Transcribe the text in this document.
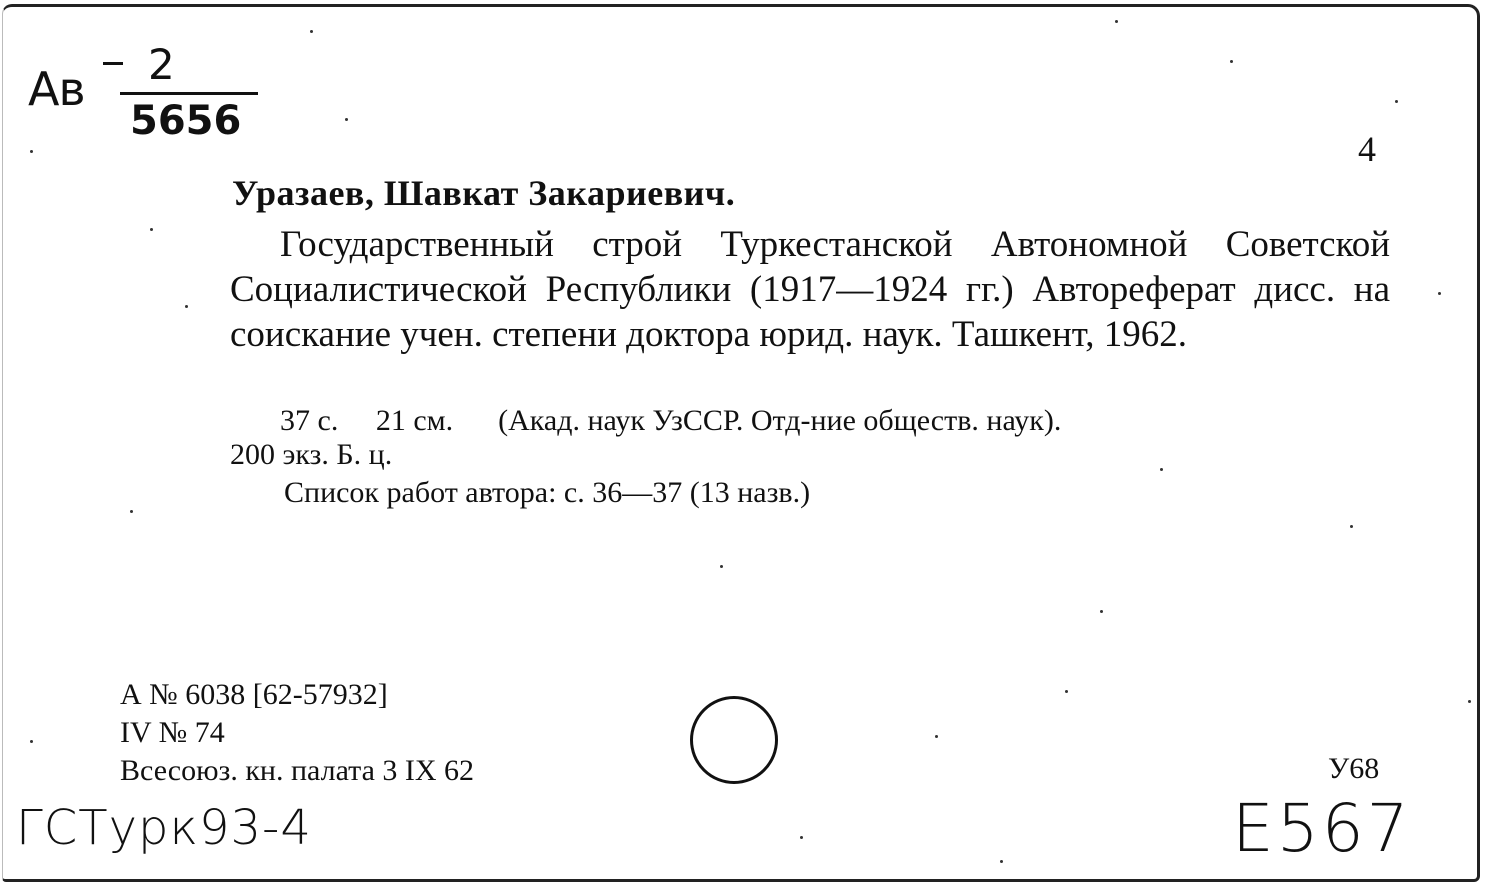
Ав 2
5656
4
Уразаев, Шавкат Закариевич.
Государственный строй Туркестанской Автономной Советской Социалистической Республики (1917—1924 гг.) Автореферат дисс. на соискание учен. степени доктора юрид. наук. Ташкент, 1962.
37 с. 21 см. (Акад. наук УзССР. Отд-ние обществ. наук).
200 экз. Б. ц.
Список работ автора: с. 36—37 (13 назв.)
А № 6038 [62-57932]
IV № 74
Всесоюз. кн. палата 3 IX 62	У68
ГСТурк93-4	Е567
